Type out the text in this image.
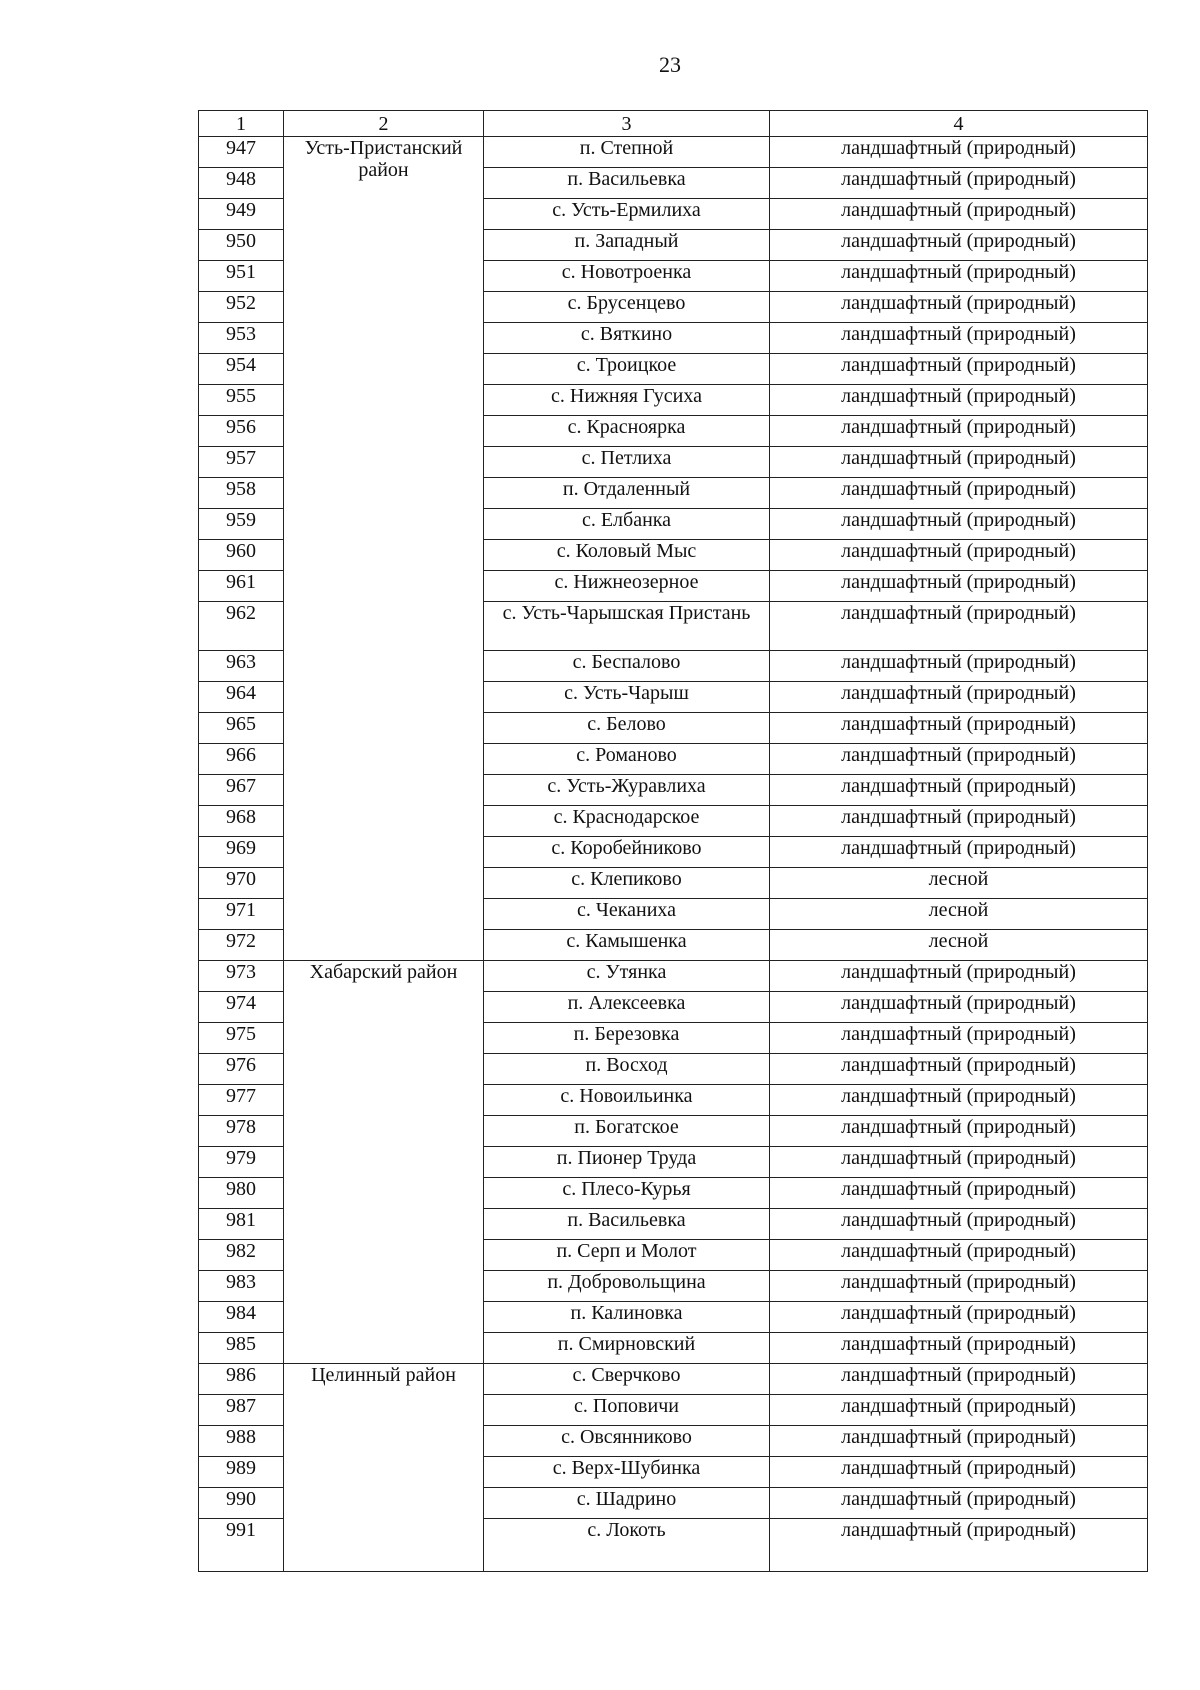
23
1	2	3	4
947	Усть-Пристанский район	п. Степной	ландшафтный (природный)
948		п. Васильевка	ландшафтный (природный)
949		с. Усть-Ермилиха	ландшафтный (природный)
950		п. Западный	ландшафтный (природный)
951		с. Новотроенка	ландшафтный (природный)
952		с. Брусенцево	ландшафтный (природный)
953		с. Вяткино	ландшафтный (природный)
954		с. Троицкое	ландшафтный (природный)
955		с. Нижняя Гусиха	ландшафтный (природный)
956		с. Красноярка	ландшафтный (природный)
957		с. Петлиха	ландшафтный (природный)
958		п. Отдаленный	ландшафтный (природный)
959		с. Елбанка	ландшафтный (природный)
960		с. Коловый Мыс	ландшафтный (природный)
961		с. Нижнеозерное	ландшафтный (природный)
962		с. Усть-Чарышская Пристань	ландшафтный (природный)
963		с. Беспалово	ландшафтный (природный)
964		с. Усть-Чарыш	ландшафтный (природный)
965		с. Белово	ландшафтный (природный)
966		с. Романово	ландшафтный (природный)
967		с. Усть-Журавлиха	ландшафтный (природный)
968		с. Краснодарское	ландшафтный (природный)
969		с. Коробейниково	ландшафтный (природный)
970		с. Клепиково	лесной
971		с. Чеканиха	лесной
972		с. Камышенка	лесной
973	Хабарский район	с. Утянка	ландшафтный (природный)
974		п. Алексеевка	ландшафтный (природный)
975		п. Березовка	ландшафтный (природный)
976		п. Восход	ландшафтный (природный)
977		с. Новоильинка	ландшафтный (природный)
978		п. Богатское	ландшафтный (природный)
979		п. Пионер Труда	ландшафтный (природный)
980		с. Плесо-Курья	ландшафтный (природный)
981		п. Васильевка	ландшафтный (природный)
982		п. Серп и Молот	ландшафтный (природный)
983		п. Добровольщина	ландшафтный (природный)
984		п. Калиновка	ландшафтный (природный)
985		п. Смирновский	ландшафтный (природный)
986	Целинный район	с. Сверчково	ландшафтный (природный)
987		с. Поповичи	ландшафтный (природный)
988		с. Овсянниково	ландшафтный (природный)
989		с. Верх-Шубинка	ландшафтный (природный)
990		с. Шадрино	ландшафтный (природный)
991		с. Локоть	ландшафтный (природный)
